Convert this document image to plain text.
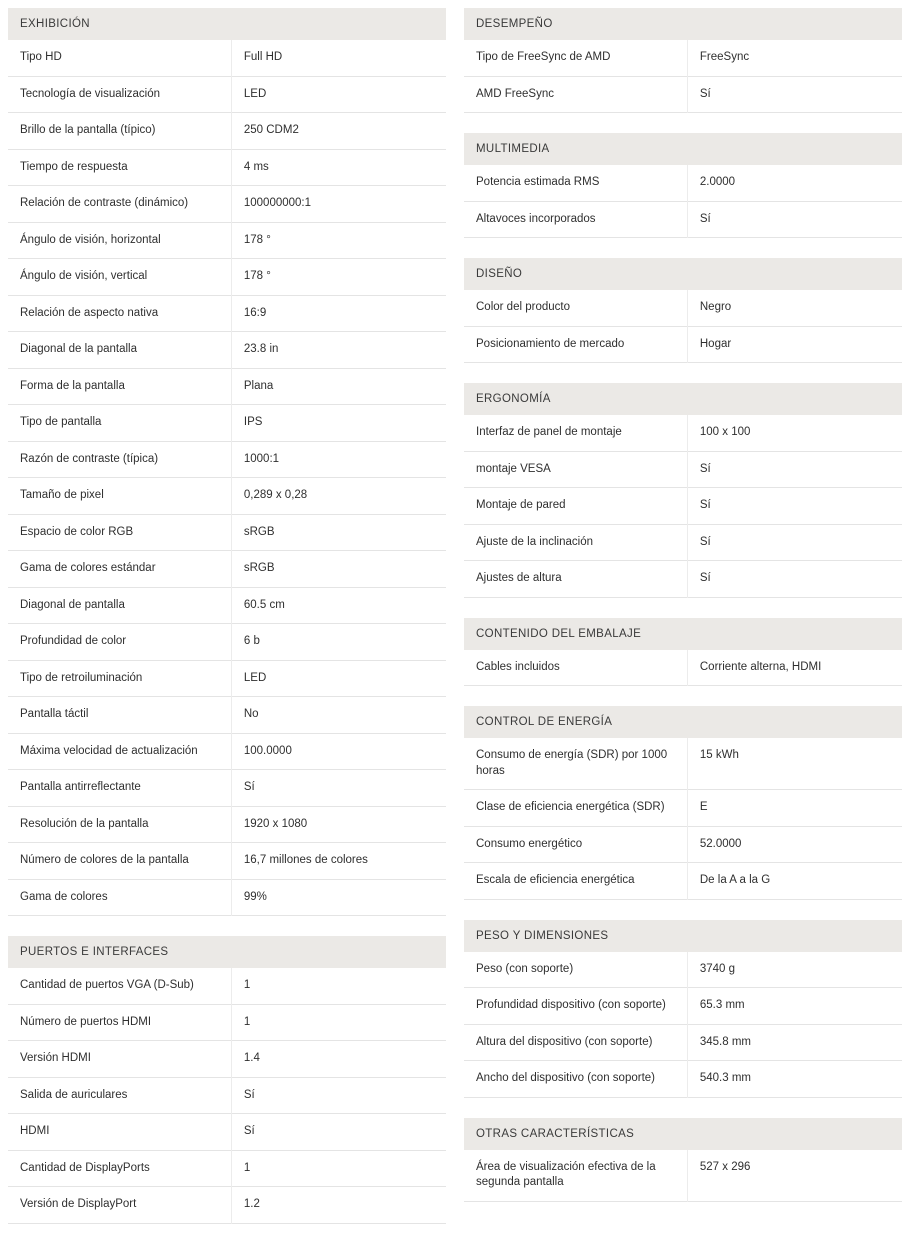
EXHIBICIÓN
Tipo HD	Full HD
Tecnología de visualización	LED
Brillo de la pantalla (típico)	250 CDM2
Tiempo de respuesta	4 ms
Relación de contraste (dinámico)	100000000:1
Ángulo de visión, horizontal	178 °
Ángulo de visión, vertical	178 °
Relación de aspecto nativa	16:9
Diagonal de la pantalla	23.8 in
Forma de la pantalla	Plana
Tipo de pantalla	IPS
Razón de contraste (típica)	1000:1
Tamaño de pixel	0,289 x 0,28
Espacio de color RGB	sRGB
Gama de colores estándar	sRGB
Diagonal de pantalla	60.5 cm
Profundidad de color	6 b
Tipo de retroiluminación	LED
Pantalla táctil	No
Máxima velocidad de actualización	100.0000
Pantalla antirreflectante	Sí
Resolución de la pantalla	1920 x 1080
Número de colores de la pantalla	16,7 millones de colores
Gama de colores	99%
PUERTOS E INTERFACES
Cantidad de puertos VGA (D-Sub)	1
Número de puertos HDMI	1
Versión HDMI	1.4
Salida de auriculares	Sí
HDMI	Sí
Cantidad de DisplayPorts	1
Versión de DisplayPort	1.2
DESEMPEÑO
Tipo de FreeSync de AMD	FreeSync
AMD FreeSync	Sí
MULTIMEDIA
Potencia estimada RMS	2.0000
Altavoces incorporados	Sí
DISEÑO
Color del producto	Negro
Posicionamiento de mercado	Hogar
ERGONOMÍA
Interfaz de panel de montaje	100 x 100
montaje VESA	Sí
Montaje de pared	Sí
Ajuste de la inclinación	Sí
Ajustes de altura	Sí
CONTENIDO DEL EMBALAJE
Cables incluidos	Corriente alterna, HDMI
CONTROL DE ENERGÍA
Consumo de energía (SDR) por 1000 horas	15 kWh
Clase de eficiencia energética (SDR)	E
Consumo energético	52.0000
Escala de eficiencia energética	De la A a la G
PESO Y DIMENSIONES
Peso (con soporte)	3740 g
Profundidad dispositivo (con soporte)	65.3 mm
Altura del dispositivo (con soporte)	345.8 mm
Ancho del dispositivo (con soporte)	540.3 mm
OTRAS CARACTERÍSTICAS
Área de visualización efectiva de la segunda pantalla	527 x 296
